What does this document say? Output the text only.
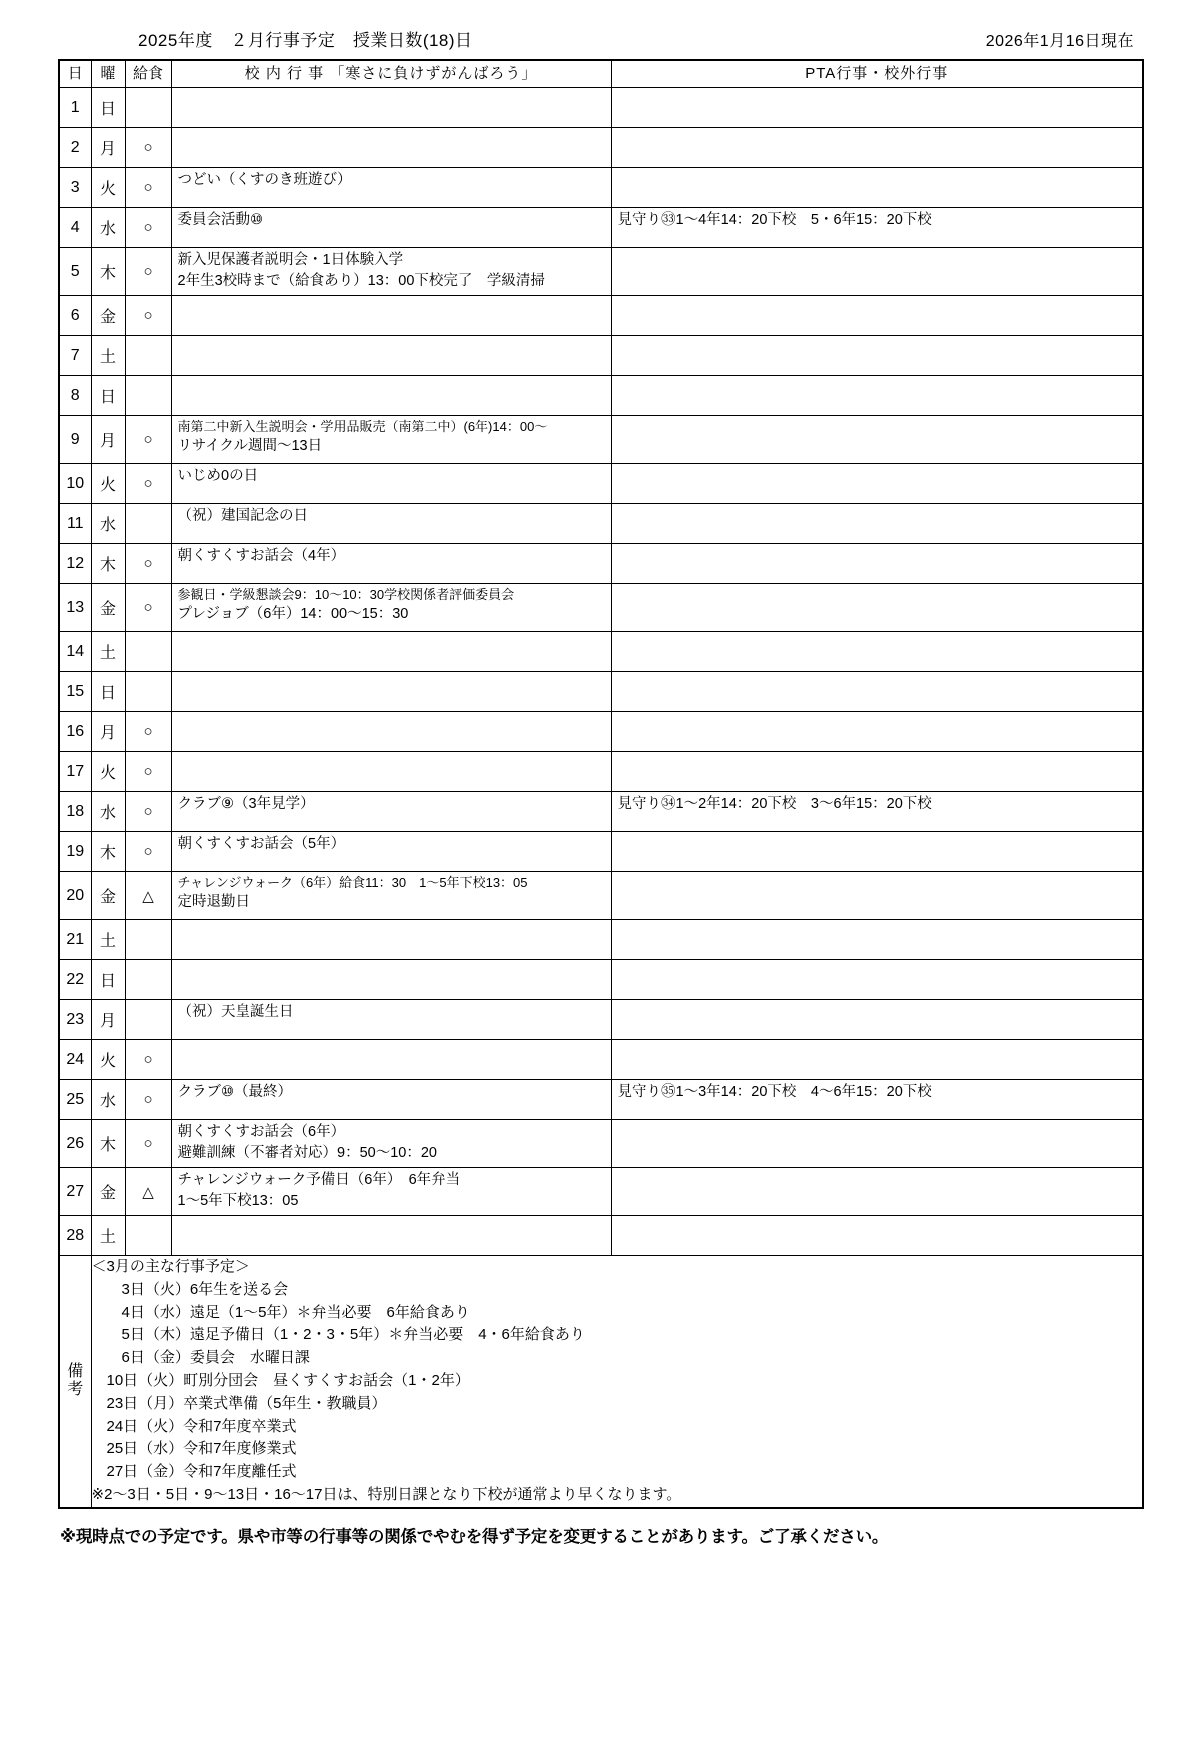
2025年度　２月行事予定　授業日数(18)日	2026年1月16日現在
日	曜	給食	校 内 行 事 「寒さに負けずがんばろう」	PTA行事・校外行事
1	日			
2	月	○		
3	火	○	つどい（くすのき班遊び）	

4	水	○	委員会活動⑩	見守り㉝1～4年14：20下校　5・6年15：20下校

5	木	○	新入児保護者説明会・1日体験入学
2年生3校時まで（給食あり）13：00下校完了　学級清掃	

6	金	○		
7	土			
8	日			
9	月	○	南第二中新入生説明会・学用品販売（南第二中）(6年)14：00～
リサイクル週間～13日	

10	火	○	いじめ0の日	

11	水		（祝）建国記念の日	

12	木	○	朝くすくすお話会（4年）	

13	金	○	参観日・学級懇談会9：10～10：30学校関係者評価委員会
プレジョブ（6年）14：00～15：30	

14	土			
15	日			
16	月	○		
17	火	○		
18	水	○	クラブ⑨（3年見学）	見守り㉞1～2年14：20下校　3～6年15：20下校

19	木	○	朝くすくすお話会（5年）	

20	金	△	チャレンジウォーク（6年）給食11：30　1～5年下校13：05
定時退勤日	

21	土			
22	日			
23	月		（祝）天皇誕生日	

24	火	○		
25	水	○	クラブ⑩（最終）	見守り㉟1～3年14：20下校　4～6年15：20下校

26	木	○	朝くすくすお話会（6年）
避難訓練（不審者対応）9：50～10：20	

27	金	△	チャレンジウォーク予備日（6年）　6年弁当
1～5年下校13：05	

28	土			

備
考

＜3月の主な行事予定＞
　　3日（火）6年生を送る会
　　4日（水）遠足（1～5年）＊弁当必要　6年給食あり
　　5日（木）遠足予備日（1・2・3・5年）＊弁当必要　4・6年給食あり
　　6日（金）委員会　水曜日課
　10日（火）町別分団会　昼くすくすお話会（1・2年）
　23日（月）卒業式準備（5年生・教職員）
　24日（火）令和7年度卒業式
　25日（水）令和7年度修業式
　27日（金）令和7年度離任式
※2～3日・5日・9～13日・16～17日は、特別日課となり下校が通常より早くなります。
※現時点での予定です。県や市等の行事等の関係でやむを得ず予定を変更することがあります。ご了承ください。
